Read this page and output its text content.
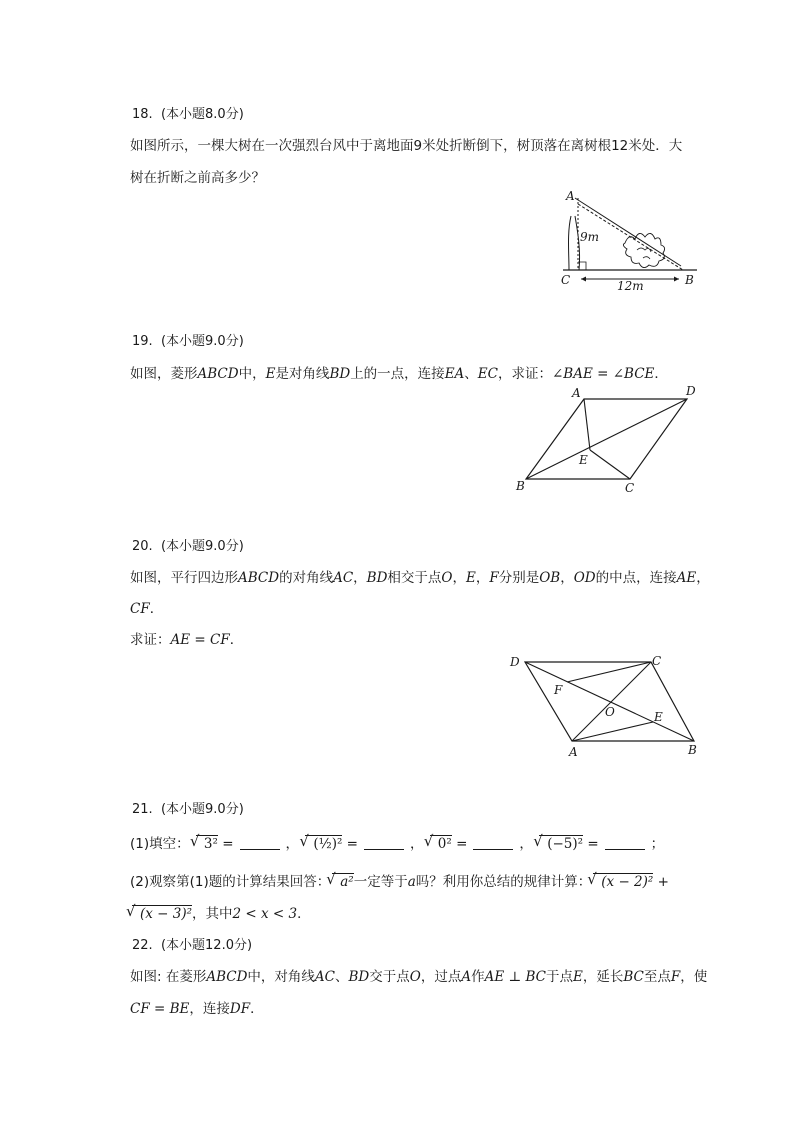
18. (本小题8.0分)
如图所示，一棵大树在一次强烈台风中于离地面9米处折断倒下，树顶落在离树根12米处．大
树在折断之前高多少？
A
C	B
9m
12m
19. (本小题9.0分)
如图，菱形ABCD中，E是对角线BD上的一点，连接EA、EC，求证：∠BAE = ∠BCE．
A	D
B	C
E
20. (本小题9.0分)
如图，平行四边形ABCD的对角线AC，BD相交于点O，E，F分别是OB，OD的中点，连接AE，
CF．
求证：AE = CF．
D	C
F
O	E
A	B
21. (本小题9.0分)
(1)填空： √ 3² =	， √ (½)² =	， √ 0² =	， √ (−5)² =	；
(2)观察第(1)题的计算结果回答： √ a²一定等于a吗？利用你总结的规律计算： √ (x − 2)² +
√ (x − 3)²，其中2 < x < 3．
22. (本小题12.0分)
如图: 在菱形ABCD中，对角线AC、BD交于点O，过点A作AE ⊥ BC于点E，延长BC至点F，使
CF = BE，连接DF．
